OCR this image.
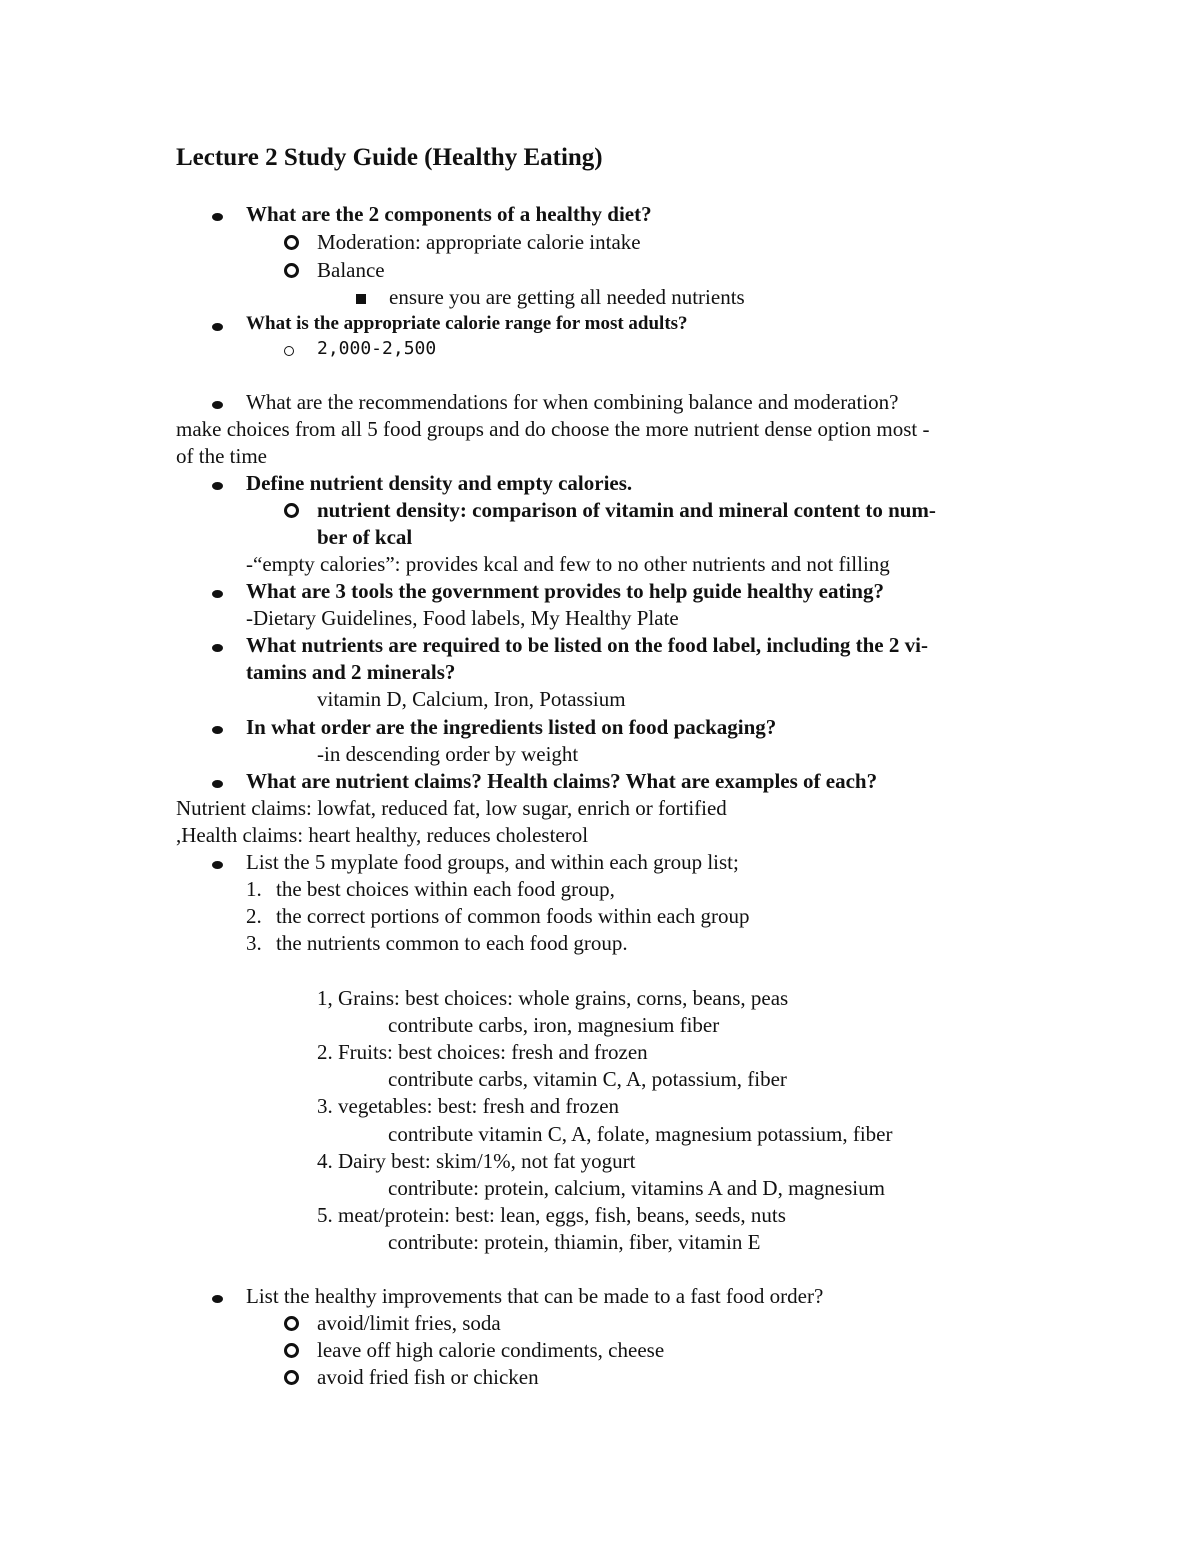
Lecture 2 Study Guide (Healthy Eating)
What are the 2 components of a healthy diet?
Moderation: appropriate calorie intake
Balance
ensure you are getting all needed nutrients
What is the appropriate calorie range for most adults?
2,000-2,500
What are the recommendations for when combining balance and moderation?
make choices from all 5 food groups and do choose the more nutrient dense option most -
of the time
Define nutrient density and empty calories.
nutrient density: comparison of vitamin and mineral content to num-
ber of kcal
-“empty calories”: provides kcal and few to no other nutrients and not filling
What are 3 tools the government provides to help guide healthy eating?
-Dietary Guidelines, Food labels, My Healthy Plate
What nutrients are required to be listed on the food label, including the 2 vi-
tamins and 2 minerals?
vitamin D, Calcium, Iron, Potassium
In what order are the ingredients listed on food packaging?
-in descending order by weight
What are nutrient claims? Health claims? What are examples of each?
Nutrient claims: lowfat, reduced fat, low sugar, enrich or fortified
,Health claims: heart healthy, reduces cholesterol
List the 5 myplate food groups, and within each group list;
1. the best choices within each food group,
2. the correct portions of common foods within each group
3. the nutrients common to each food group.
1, Grains: best choices: whole grains, corns, beans, peas
contribute carbs, iron, magnesium fiber
2. Fruits: best choices: fresh and frozen
contribute carbs, vitamin C, A, potassium, fiber
3. vegetables: best: fresh and frozen
contribute vitamin C, A, folate, magnesium potassium, fiber
4. Dairy best: skim/1%, not fat yogurt
contribute: protein, calcium, vitamins A and D, magnesium
5. meat/protein: best: lean, eggs, fish, beans, seeds, nuts
contribute: protein, thiamin, fiber, vitamin E
List the healthy improvements that can be made to a fast food order?
avoid/limit fries, soda
leave off high calorie condiments, cheese
avoid fried fish or chicken
